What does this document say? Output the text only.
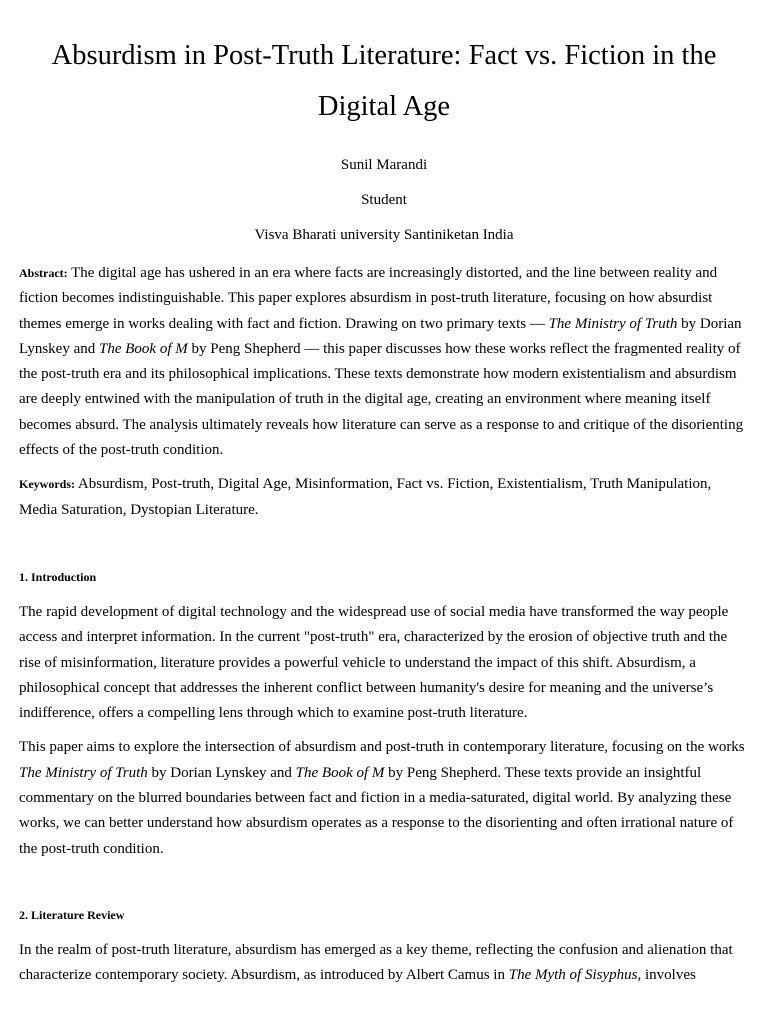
Absurdism in Post-Truth Literature: Fact vs. Fiction in the Digital Age

Sunil Marandi

Student

Visva Bharati university Santiniketan India

Abstract: The digital age has ushered in an era where facts are increasingly distorted, and the line between reality and fiction becomes indistinguishable. This paper explores absurdism in post-truth literature, focusing on how absurdist themes emerge in works dealing with fact and fiction. Drawing on two primary texts — The Ministry of Truth by Dorian Lynskey and The Book of M by Peng Shepherd — this paper discusses how these works reflect the fragmented reality of the post-truth era and its philosophical implications. These texts demonstrate how modern existentialism and absurdism are deeply entwined with the manipulation of truth in the digital age, creating an environment where meaning itself becomes absurd. The analysis ultimately reveals how literature can serve as a response to and critique of the disorienting effects of the post-truth condition.

Keywords: Absurdism, Post-truth, Digital Age, Misinformation, Fact vs. Fiction, Existentialism, Truth Manipulation, Media Saturation, Dystopian Literature.

1. Introduction

The rapid development of digital technology and the widespread use of social media have transformed the way people access and interpret information. In the current "post-truth" era, characterized by the erosion of objective truth and the rise of misinformation, literature provides a powerful vehicle to understand the impact of this shift. Absurdism, a philosophical concept that addresses the inherent conflict between humanity's desire for meaning and the universe’s indifference, offers a compelling lens through which to examine post-truth literature.

This paper aims to explore the intersection of absurdism and post-truth in contemporary literature, focusing on the works The Ministry of Truth by Dorian Lynskey and The Book of M by Peng Shepherd. These texts provide an insightful commentary on the blurred boundaries between fact and fiction in a media-saturated, digital world. By analyzing these works, we can better understand how absurdism operates as a response to the disorienting and often irrational nature of the post-truth condition.

2. Literature Review

In the realm of post-truth literature, absurdism has emerged as a key theme, reflecting the confusion and alienation that characterize contemporary society. Absurdism, as introduced by Albert Camus in The Myth of Sisyphus, involves
